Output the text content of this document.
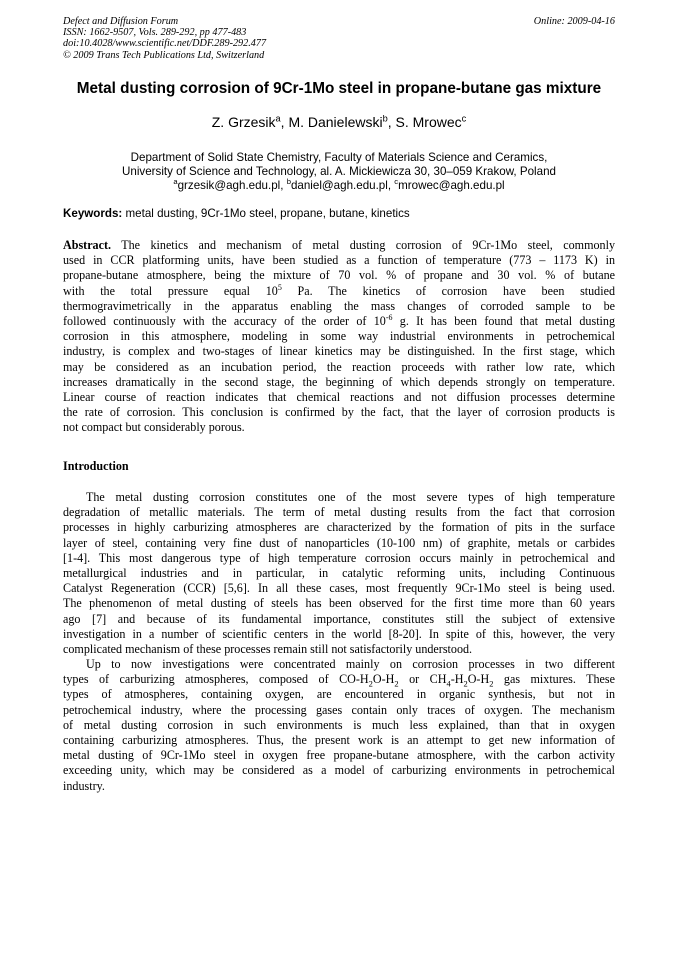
Defect and Diffusion Forum
ISSN: 1662-9507, Vols. 289-292, pp 477-483
doi:10.4028/www.scientific.net/DDF.289-292.477
© 2009 Trans Tech Publications Ltd, Switzerland
Online: 2009-04-16
Metal dusting corrosion of 9Cr-1Mo steel in propane-butane gas mixture
Z. Grzesik$^a$, M. Danielewski$^b$, S. Mrowec$^c$
Department of Solid State Chemistry, Faculty of Materials Science and Ceramics,
University of Science and Technology, al. A. Mickiewicza 30, 30–059 Krakow, Poland
$^a$grzesik@agh.edu.pl, $^b$daniel@agh.edu.pl, $^c$mrowec@agh.edu.pl
Keywords: metal dusting, 9Cr-1Mo steel, propane, butane, kinetics
Abstract. The kinetics and mechanism of metal dusting corrosion of 9Cr-1Mo steel, commonly
used in CCR platforming units, have been studied as a function of temperature (773 – 1173 K) in
propane-butane atmosphere, being the mixture of 70 vol. % of propane and 30 vol. % of butane
with the total pressure equal $10^5$ Pa. The kinetics of corrosion have been studied
thermogravimetrically in the apparatus enabling the mass changes of corroded sample to be
followed continuously with the accuracy of the order of $10^{-6}$ g. It has been found that metal dusting
corrosion in this atmosphere, modeling in some way industrial environments in petrochemical
industry, is complex and two-stages of linear kinetics may be distinguished. In the first stage, which
may be considered as an incubation period, the reaction proceeds with rather low rate, which
increases dramatically in the second stage, the beginning of which depends strongly on temperature.
Linear course of reaction indicates that chemical reactions and not diffusion processes determine
the rate of corrosion. This conclusion is confirmed by the fact, that the layer of corrosion products is
not compact but considerably porous.
Introduction
The metal dusting corrosion constitutes one of the most severe types of high temperature
degradation of metallic materials. The term of metal dusting results from the fact that corrosion
processes in highly carburizing atmospheres are characterized by the formation of pits in the surface
layer of steel, containing very fine dust of nanoparticles (10-100 nm) of graphite, metals or carbides
[1-4]. This most dangerous type of high temperature corrosion occurs mainly in petrochemical and
metallurgical industries and in particular, in catalytic reforming units, including Continuous
Catalyst Regeneration (CCR) [5,6]. In all these cases, most frequently 9Cr-1Mo steel is being used.
The phenomenon of metal dusting of steels has been observed for the first time more than 60 years
ago [7] and because of its fundamental importance, constitutes still the subject of extensive
investigation in a number of scientific centers in the world [8-20]. In spite of this, however, the very
complicated mechanism of these processes remain still not satisfactorily understood.
Up to now investigations were concentrated mainly on corrosion processes in two different
types of carburizing atmospheres, composed of $CO-H_2O-H_2$ or $CH_4-H_2O-H_2$ gas mixtures. These
types of atmospheres, containing oxygen, are encountered in organic synthesis, but not in
petrochemical industry, where the processing gases contain only traces of oxygen. The mechanism
of metal dusting corrosion in such environments is much less explained, than that in oxygen
containing carburizing atmospheres. Thus, the present work is an attempt to get new information of
metal dusting of 9Cr-1Mo steel in oxygen free propane-butane atmosphere, with the carbon activity
exceeding unity, which may be considered as a model of carburizing environments in petrochemical
industry.
